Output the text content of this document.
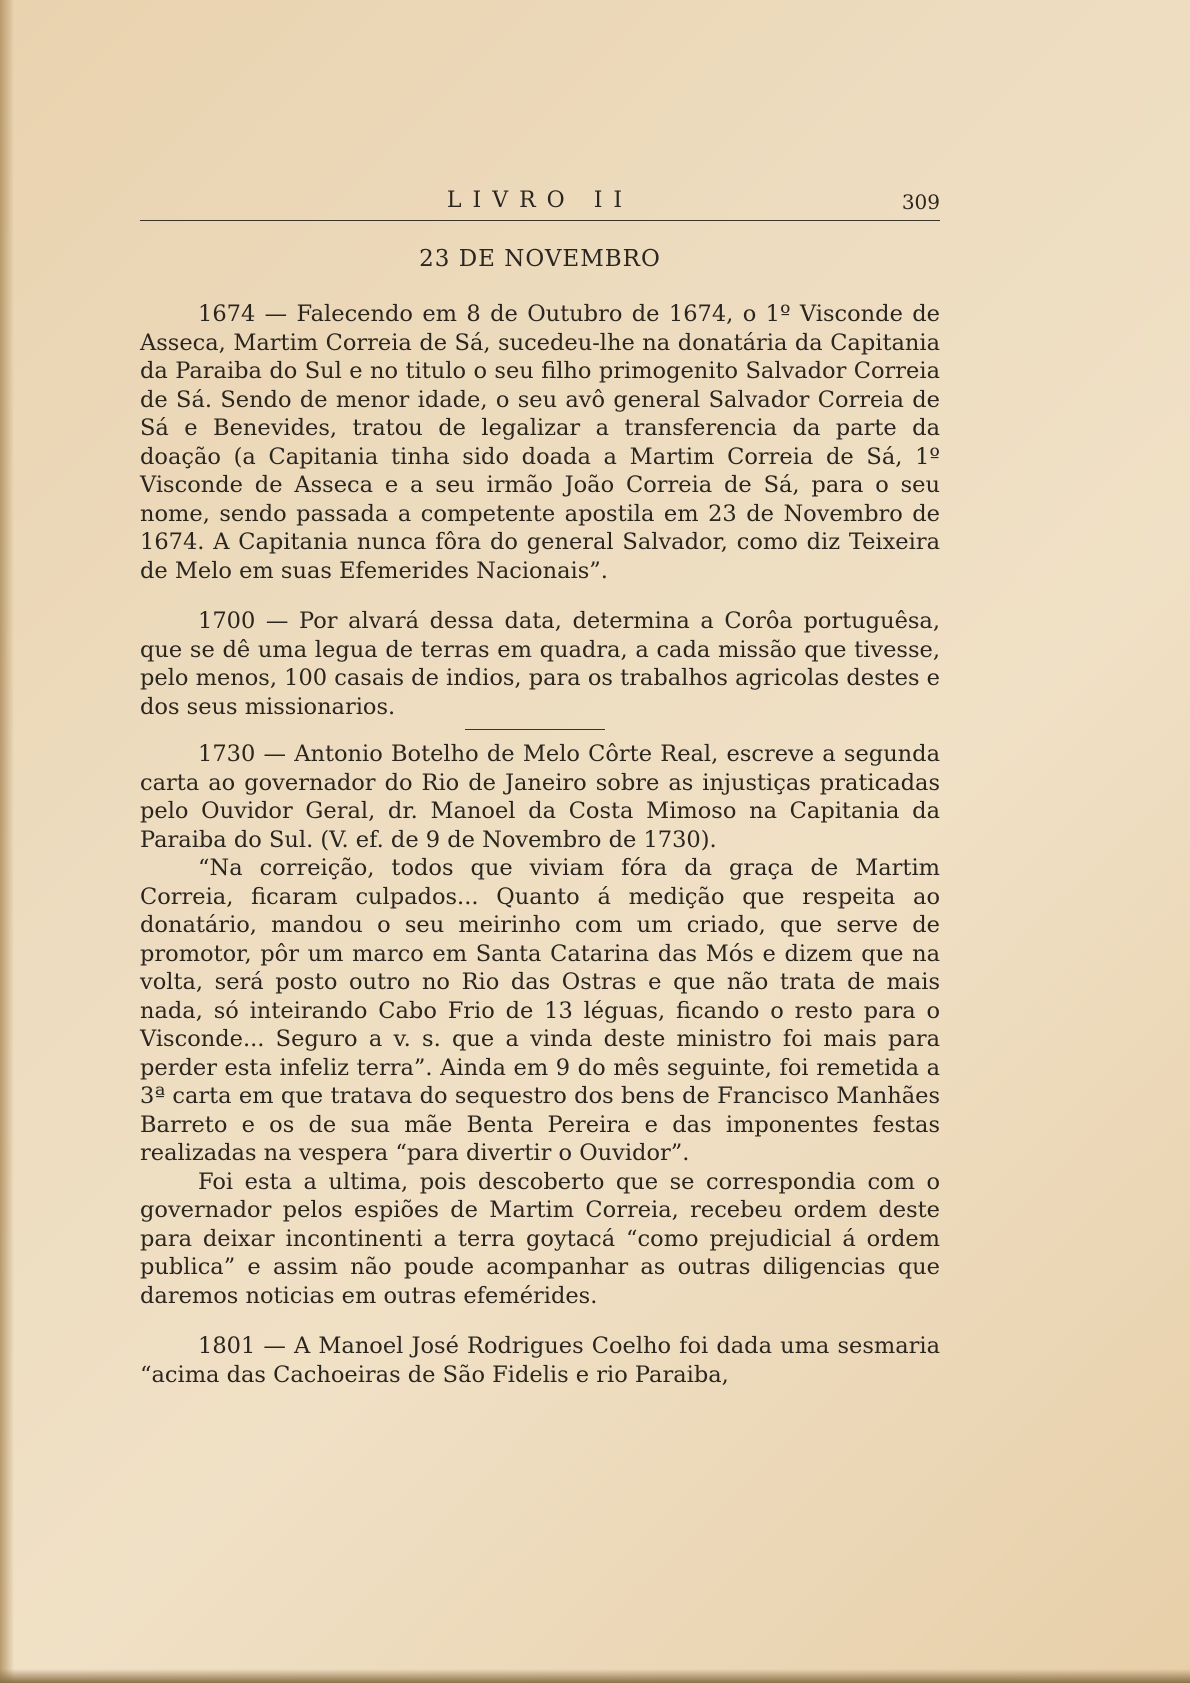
LIVRO II	309
23 DE NOVEMBRO

1674 — Falecendo em 8 de Outubro de 1674, o 1º Visconde de Asseca, Martim Correia de Sá, sucedeu-lhe na donatária da Capitania da Paraiba do Sul e no titulo o seu filho primogenito Salvador Correia de Sá. Sendo de menor idade, o seu avô general Salvador Correia de Sá e Benevides, tratou de legalizar a transferencia da parte da doação (a Capitania tinha sido doada a Martim Correia de Sá, 1º Visconde de Asseca e a seu irmão João Correia de Sá, para o seu nome, sendo passada a competente apostila em 23 de Novembro de 1674. A Capitania nunca fôra do general Salvador, como diz Teixeira de Melo em suas Efemerides Nacionais”.

1700 — Por alvará dessa data, determina a Corôa portuguêsa, que se dê uma legua de terras em quadra, a cada missão que tivesse, pelo menos, 100 casais de indios, para os trabalhos agricolas destes e dos seus missionarios.

1730 — Antonio Botelho de Melo Côrte Real, escreve a segunda carta ao governador do Rio de Janeiro sobre as injustiças praticadas pelo Ouvidor Geral, dr. Manoel da Costa Mimoso na Capitania da Paraiba do Sul. (V. ef. de 9 de Novembro de 1730).

“Na correição, todos que viviam fóra da graça de Martim Correia, ficaram culpados... Quanto á medição que respeita ao donatário, mandou o seu meirinho com um criado, que serve de promotor, pôr um marco em Santa Catarina das Mós e dizem que na volta, será posto outro no Rio das Ostras e que não trata de mais nada, só inteirando Cabo Frio de 13 léguas, ficando o resto para o Visconde... Seguro a v. s. que a vinda deste ministro foi mais para perder esta infeliz terra”. Ainda em 9 do mês seguinte, foi remetida a 3ª carta em que tratava do sequestro dos bens de Francisco Manhães Barreto e os de sua mãe Benta Pereira e das imponentes festas realizadas na vespera “para divertir o Ouvidor”.

Foi esta a ultima, pois descoberto que se correspondia com o governador pelos espiões de Martim Correia, recebeu ordem deste para deixar incontinenti a terra goytacá “como prejudicial á ordem publica” e assim não poude acompanhar as outras diligencias que daremos noticias em outras efemérides.

1801 — A Manoel José Rodrigues Coelho foi dada uma sesmaria “acima das Cachoeiras de São Fidelis e rio Paraiba,
